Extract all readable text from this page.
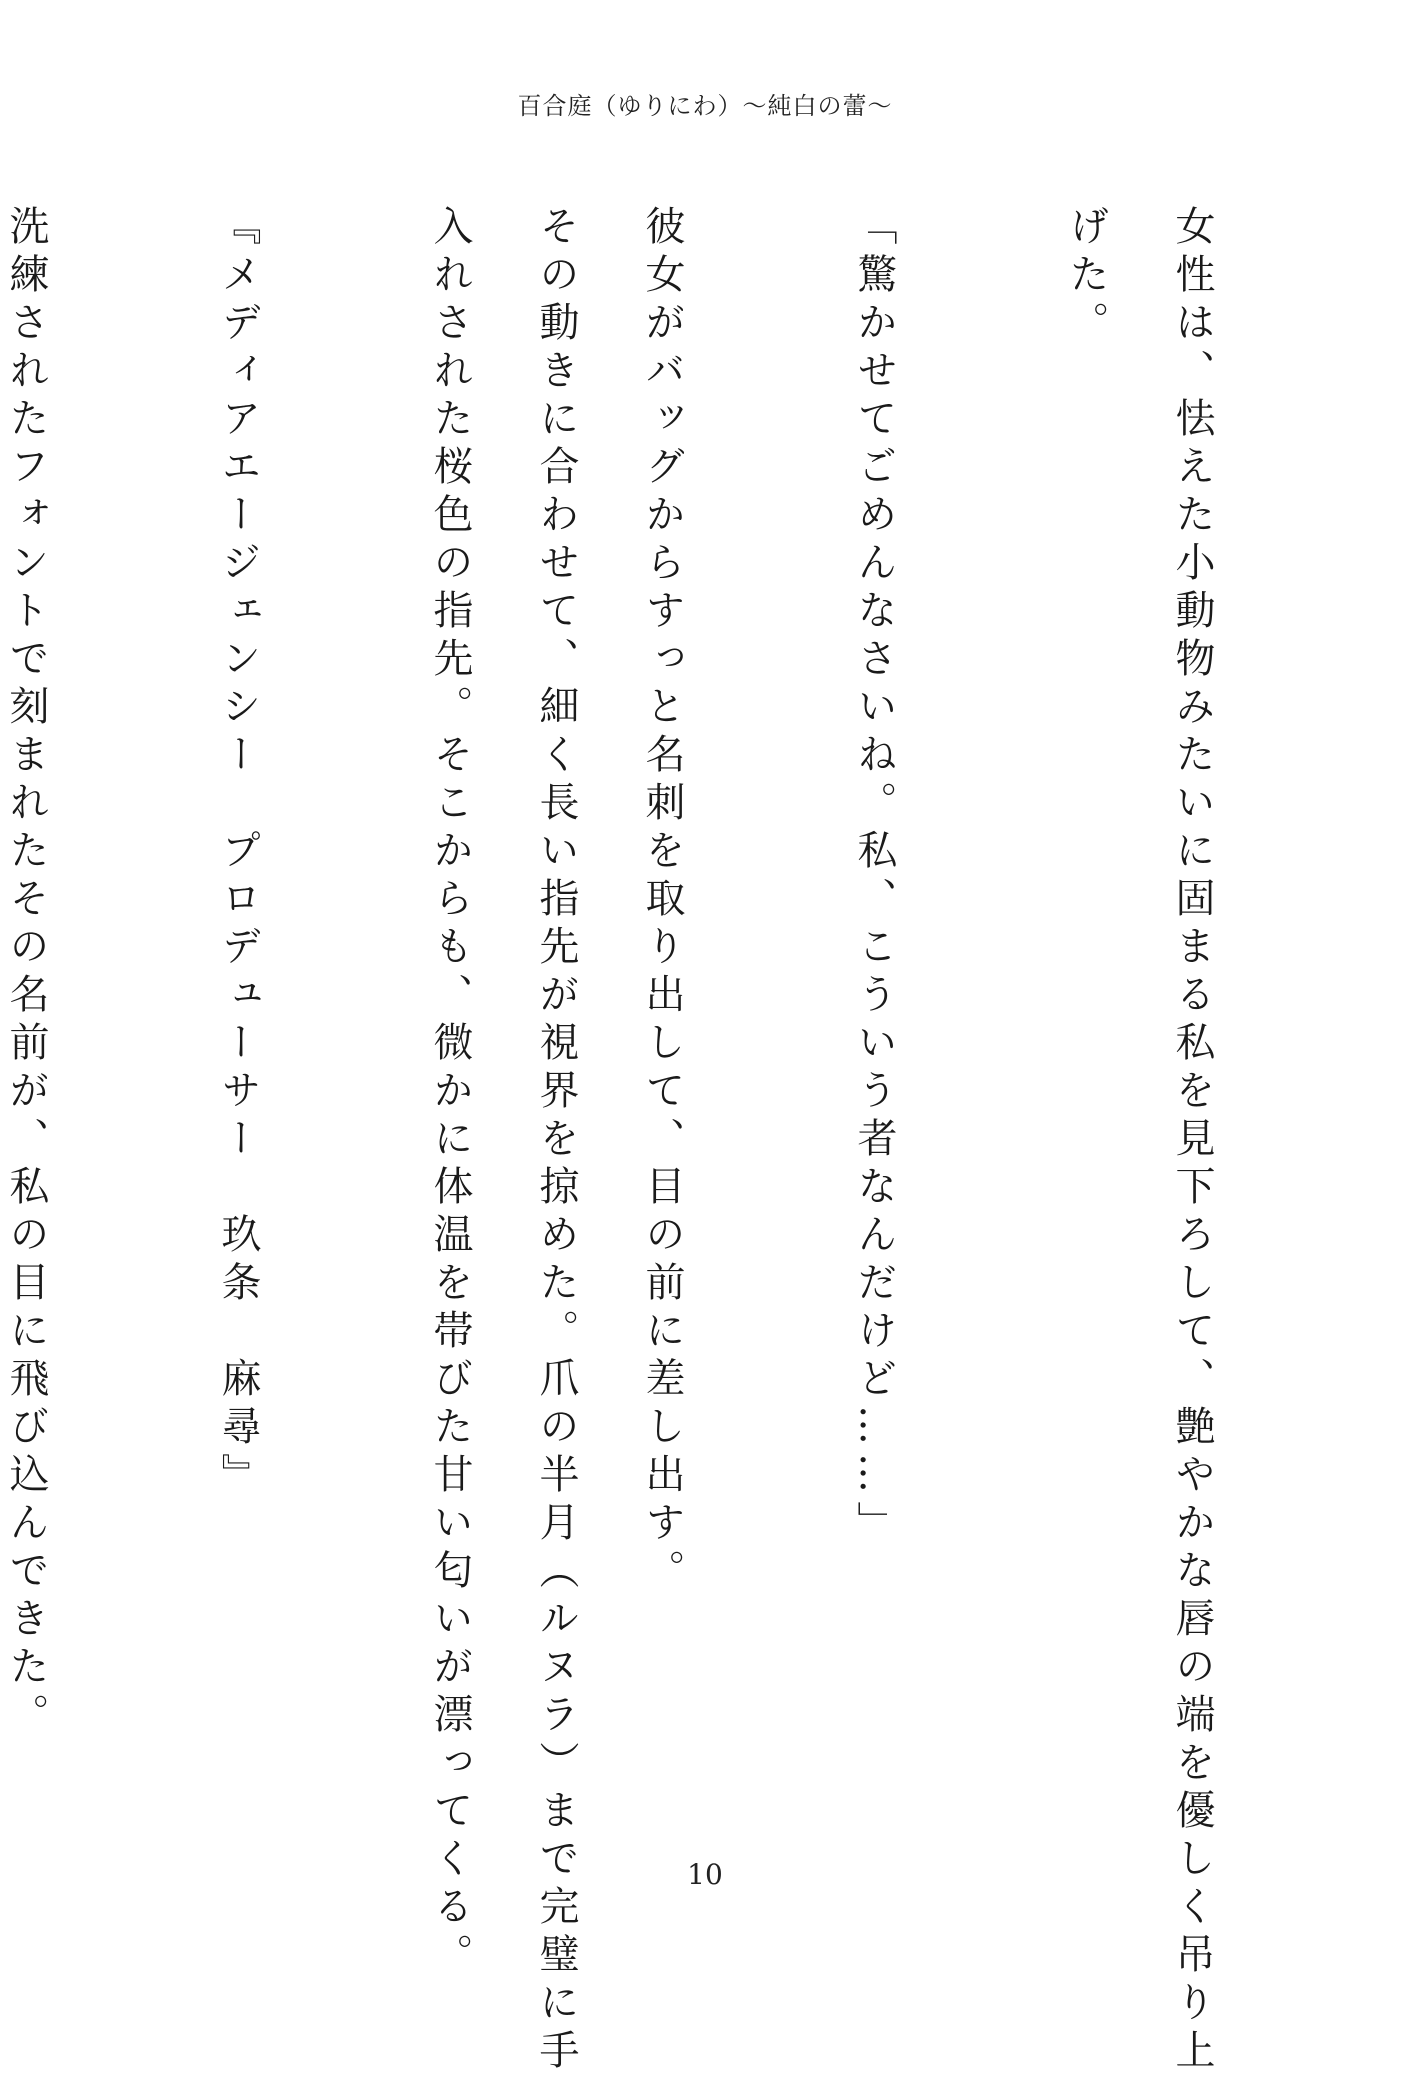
百合庭（ゆりにわ）〜純白の蕾〜
女性は、怯えた小動物みたいに固まる私を見下ろして、艶やかな唇の端を優しく吊り上
げた。
「驚かせてごめんなさいね。私、こういう者なんだけど……」
彼女がバッグからすっと名刺を取り出して、目の前に差し出す。
その動きに合わせて、細く長い指先が視界を掠めた。爪の半月（ルヌラ）まで完璧に手
入れされた桜色の指先。そこからも、微かに体温を帯びた甘い匂いが漂ってくる。
『メディアエージェンシー　プロデューサー　玖条　麻尋』
洗練されたフォントで刻まれたその名前が、私の目に飛び込んできた。
10
